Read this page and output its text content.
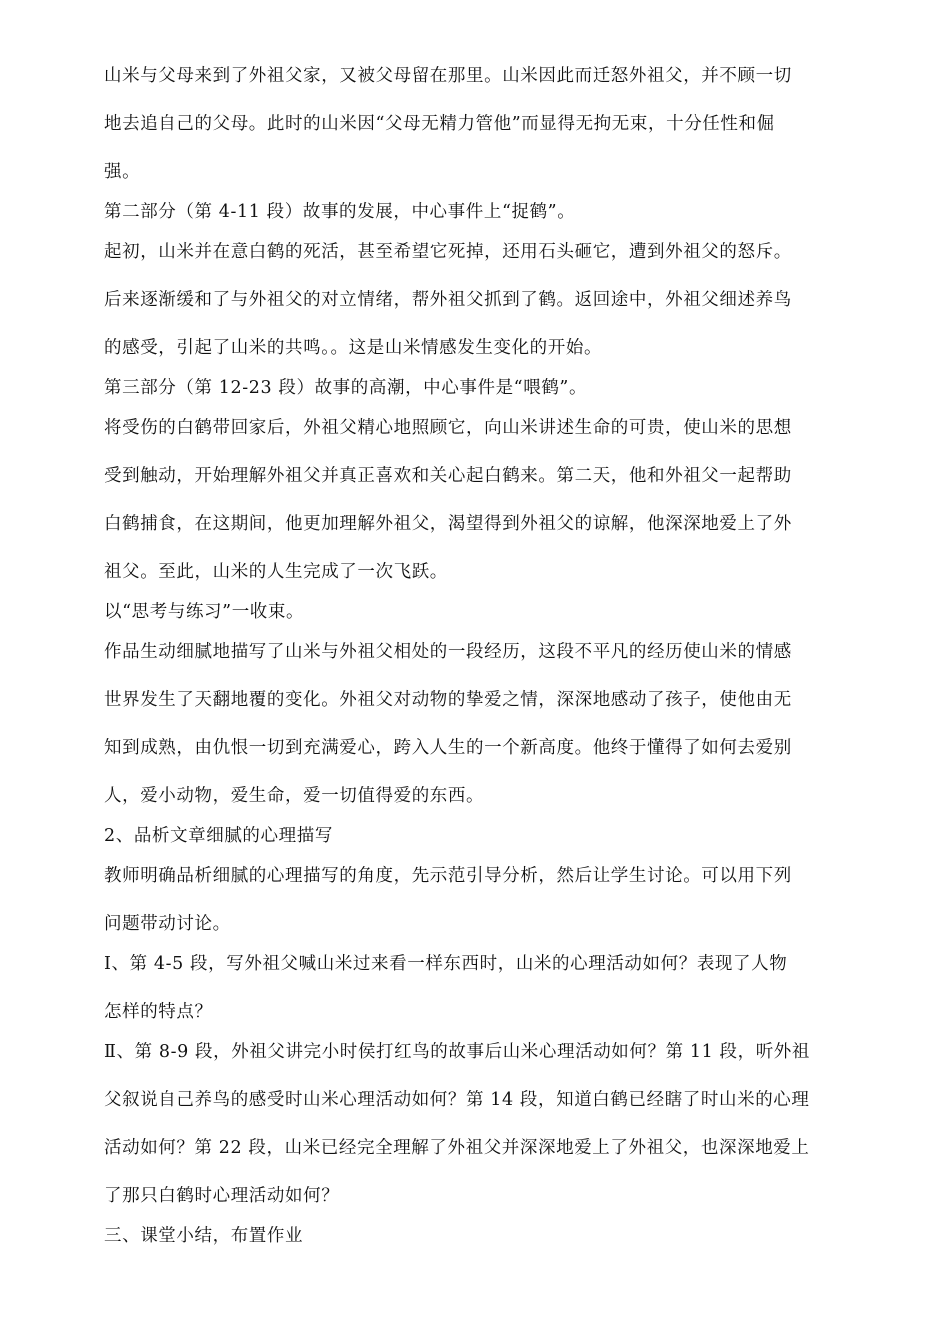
山米与父母来到了外祖父家，又被父母留在那里。山米因此而迁怒外祖父，并不顾一切
地去追自己的父母。此时的山米因“父母无精力管他”而显得无拘无束，十分任性和倔
强。
第二部分（第 4-11 段）故事的发展，中心事件上“捉鹤”。
起初，山米并在意白鹤的死活，甚至希望它死掉，还用石头砸它，遭到外祖父的怒斥。
后来逐渐缓和了与外祖父的对立情绪，帮外祖父抓到了鹤。返回途中，外祖父细述养鸟
的感受，引起了山米的共鸣。。这是山米情感发生变化的开始。
第三部分（第 12-23 段）故事的高潮，中心事件是“喂鹤”。
将受伤的白鹤带回家后，外祖父精心地照顾它，向山米讲述生命的可贵，使山米的思想
受到触动，开始理解外祖父并真正喜欢和关心起白鹤来。第二天，他和外祖父一起帮助
白鹤捕食，在这期间，他更加理解外祖父，渴望得到外祖父的谅解，他深深地爱上了外
祖父。至此，山米的人生完成了一次飞跃。
以“思考与练习”一收束。
作品生动细腻地描写了山米与外祖父相处的一段经历，这段不平凡的经历使山米的情感
世界发生了天翻地覆的变化。外祖父对动物的挚爱之情，深深地感动了孩子，使他由无
知到成熟，由仇恨一切到充满爱心，跨入人生的一个新高度。他终于懂得了如何去爱别
人，爱小动物，爱生命，爱一切值得爱的东西。
2、品析文章细腻的心理描写
教师明确品析细腻的心理描写的角度，先示范引导分析，然后让学生讨论。可以用下列
问题带动讨论。
Ⅰ、第 4-5 段，写外祖父喊山米过来看一样东西时，山米的心理活动如何？表现了人物
怎样的特点？
Ⅱ、第 8-9 段，外祖父讲完小时侯打红鸟的故事后山米心理活动如何？第 11 段，听外祖
父叙说自己养鸟的感受时山米心理活动如何？第 14 段，知道白鹤已经瞎了时山米的心理
活动如何？第 22 段，山米已经完全理解了外祖父并深深地爱上了外祖父，也深深地爱上
了那只白鹤时心理活动如何？
三、课堂小结，布置作业
